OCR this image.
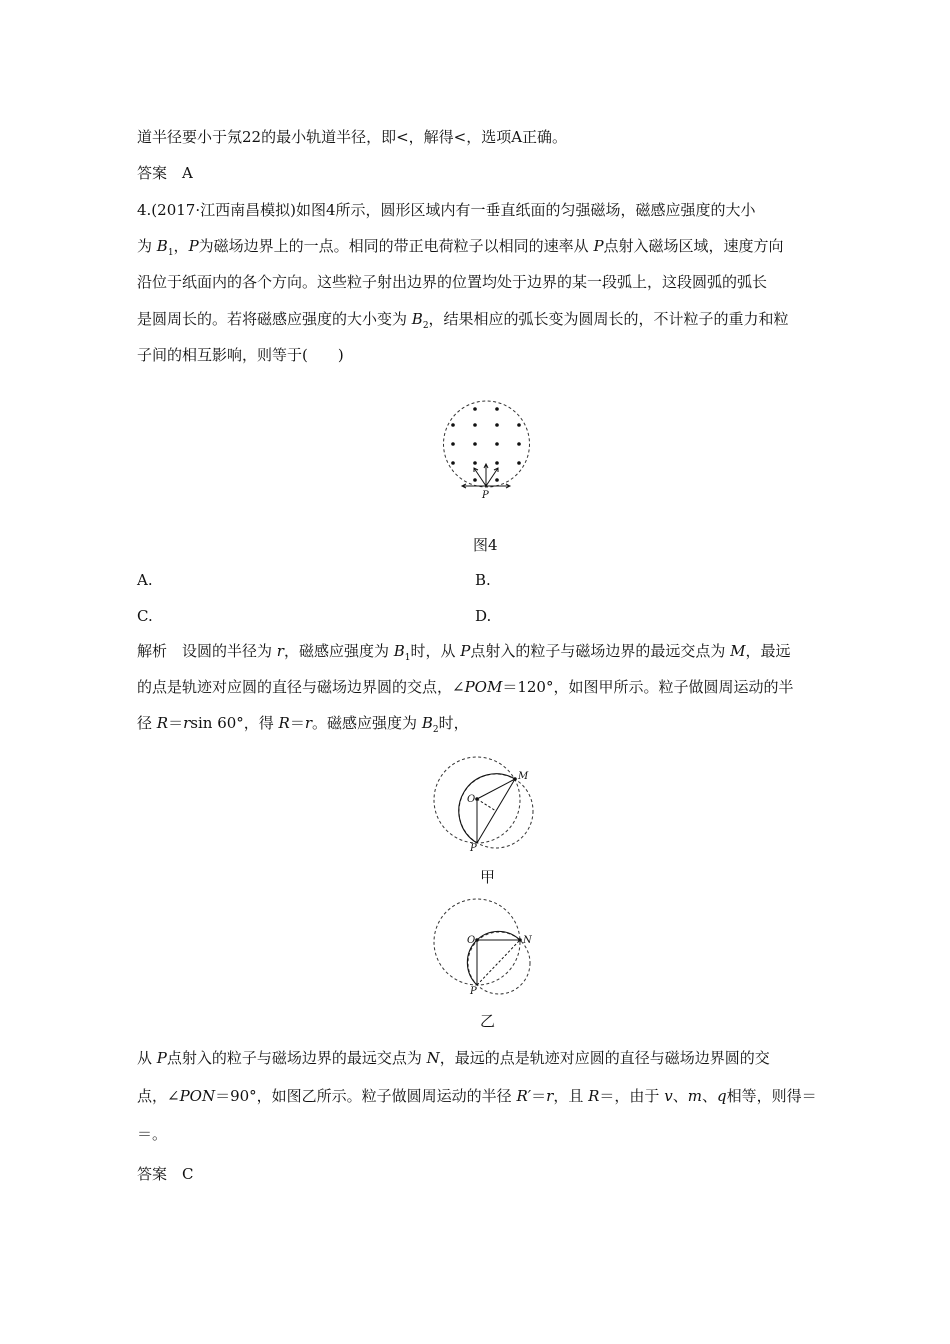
道半径要小于氖22的最小轨道半径，即<，解得<，选项A正确。
答案　 A
4.(2017·江西南昌模拟)如图4所示，圆形区域内有一垂直纸面的匀强磁场，磁感应强度的大小
为 $B_1$，P为磁场边界上的一点。相同的带正电荷粒子以相同的速率从 P点射入磁场区域，速度方向
沿位于纸面内的各个方向。这些粒子射出边界的位置均处于边界的某一段弧上，这段圆弧的弧长
是圆周长的。若将磁感应强度的大小变为 $B_2$，结果相应的弧长变为圆周长的，不计粒子的重力和粒
子间的相互影响，则等于(　　)
P
图4
A.	B.
C.	D.
解析　设圆的半径为 r，磁感应强度为 $B_1$时，从 P点射入的粒子与磁场边界的最远交点为 M，最远
的点是轨迹对应圆的直径与磁场边界圆的交点，∠POM＝120°，如图甲所示。粒子做圆周运动的半
径 R＝rsin 60°，得 R＝r。磁感应强度为 $B_2$时，
M
O
P
甲
N
O
P
乙
从 P点射入的粒子与磁场边界的最远交点为 N，最远的点是轨迹对应圆的直径与磁场边界圆的交
点，∠PON＝90°，如图乙所示。粒子做圆周运动的半径 R′＝r，且 R＝，由于 v、m、q相等，则得＝
＝。
答案　 C
